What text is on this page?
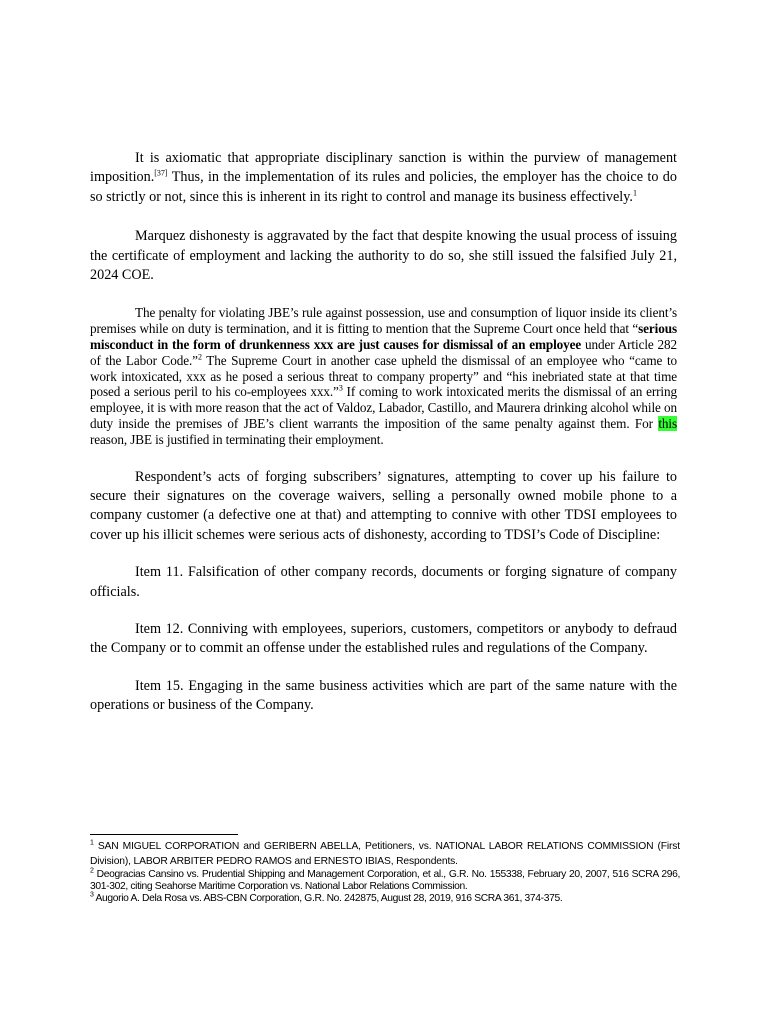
It is axiomatic that appropriate disciplinary sanction is within the purview of management imposition.[37] Thus, in the implementation of its rules and policies, the employer has the choice to do so strictly or not, since this is inherent in its right to control and manage its business effectively.$^1$

Marquez dishonesty is aggravated by the fact that despite knowing the usual process of issuing the certificate of employment and lacking the authority to do so, she still issued the falsified July 21, 2024 COE.

The penalty for violating JBE’s rule against possession, use and consumption of liquor inside its client’s premises while on duty is termination, and it is fitting to mention that the Supreme Court once held that “serious misconduct in the form of drunkenness xxx are just causes for dismissal of an employee under Article 282 of the Labor Code.”$^2$ The Supreme Court in another case upheld the dismissal of an employee who “came to work intoxicated, xxx as he posed a serious threat to company property” and “his inebriated state at that time posed a serious peril to his co-employees xxx.”$^3$ If coming to work intoxicated merits the dismissal of an erring employee, it is with more reason that the act of Valdoz, Labador, Castillo, and Maurera drinking alcohol while on duty inside the premises of JBE’s client warrants the imposition of the same penalty against them. For this reason, JBE is justified in terminating their employment.

Respondent’s acts of forging subscribers’ signatures, attempting to cover up his failure to secure their signatures on the coverage waivers, selling a personally owned mobile phone to a company customer (a defective one at that) and attempting to connive with other TDSI employees to cover up his illicit schemes were serious acts of dishonesty, according to TDSI’s Code of Discipline:

Item 11. Falsification of other company records, documents or forging signature of company officials.

Item 12. Conniving with employees, superiors, customers, competitors or anybody to defraud the Company or to commit an offense under the established rules and regulations of the Company.

Item 15. Engaging in the same business activities which are part of the same nature with the operations or business of the Company.

$^1$ SAN MIGUEL CORPORATION and GERIBERN ABELLA, Petitioners, vs. NATIONAL LABOR RELATIONS COMMISSION (First Division), LABOR ARBITER PEDRO RAMOS and ERNESTO IBIAS, Respondents.

$^2$ Deogracias Cansino vs. Prudential Shipping and Management Corporation, et al., G.R. No. 155338, February 20, 2007, 516 SCRA 296, 301-302, citing Seahorse Maritime Corporation vs. National Labor Relations Commission.

$^3$ Augorio A. Dela Rosa vs. ABS-CBN Corporation, G.R. No. 242875, August 28, 2019, 916 SCRA 361, 374-375.
